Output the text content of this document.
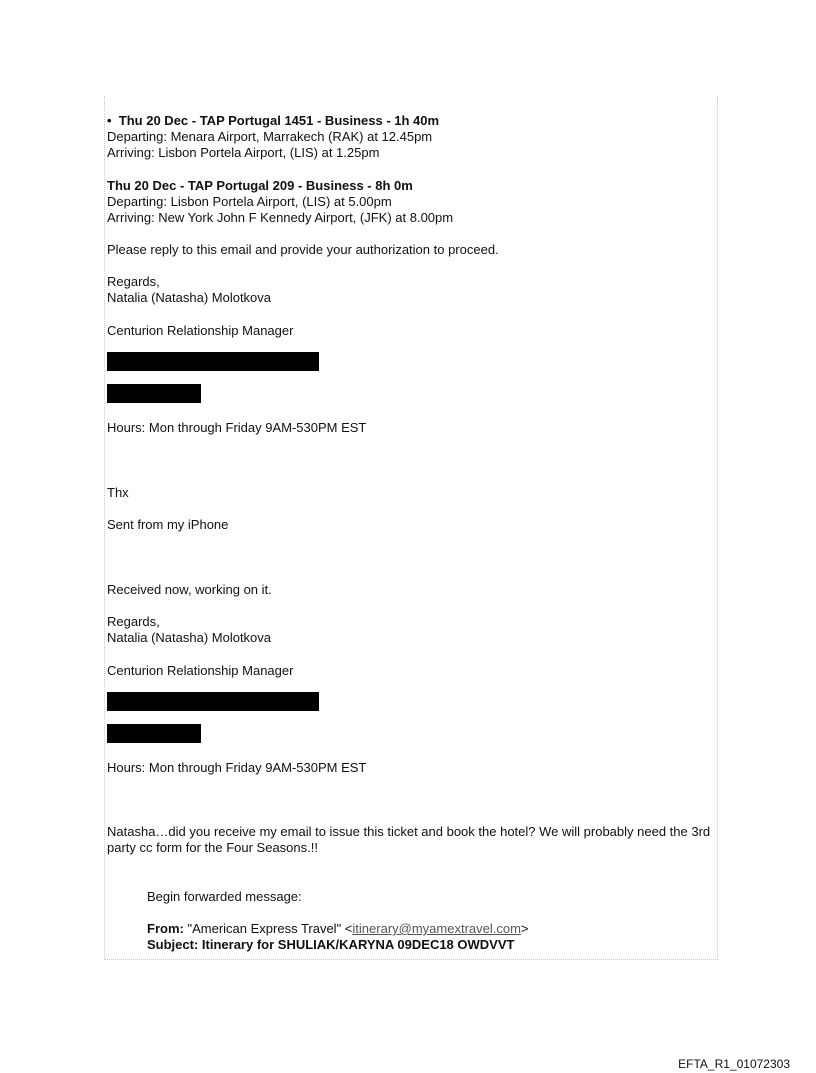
• Thu 20 Dec - TAP Portugal 1451 - Business - 1h 40m
Departing: Menara Airport, Marrakech (RAK) at 12.45pm
Arriving: Lisbon Portela Airport, (LIS) at 1.25pm
Thu 20 Dec - TAP Portugal 209 - Business - 8h 0m
Departing: Lisbon Portela Airport, (LIS) at 5.00pm
Arriving: New York John F Kennedy Airport, (JFK) at 8.00pm
Please reply to this email and provide your authorization to proceed.
Regards,
Natalia (Natasha) Molotkova
Centurion Relationship Manager
Hours: Mon through Friday 9AM-530PM EST
Thx
Sent from my iPhone
Received now, working on it.
Regards,
Natalia (Natasha) Molotkova
Centurion Relationship Manager
Hours: Mon through Friday 9AM-530PM EST
Natasha…did you receive my email to issue this ticket and book the hotel? We will probably need the 3rd party cc form for the Four Seasons.!!
Begin forwarded message:
From: "American Express Travel" <itinerary@myamextravel.com>
Subject: Itinerary for SHULIAK/KARYNA 09DEC18 OWDVVT
EFTA_R1_01072303
